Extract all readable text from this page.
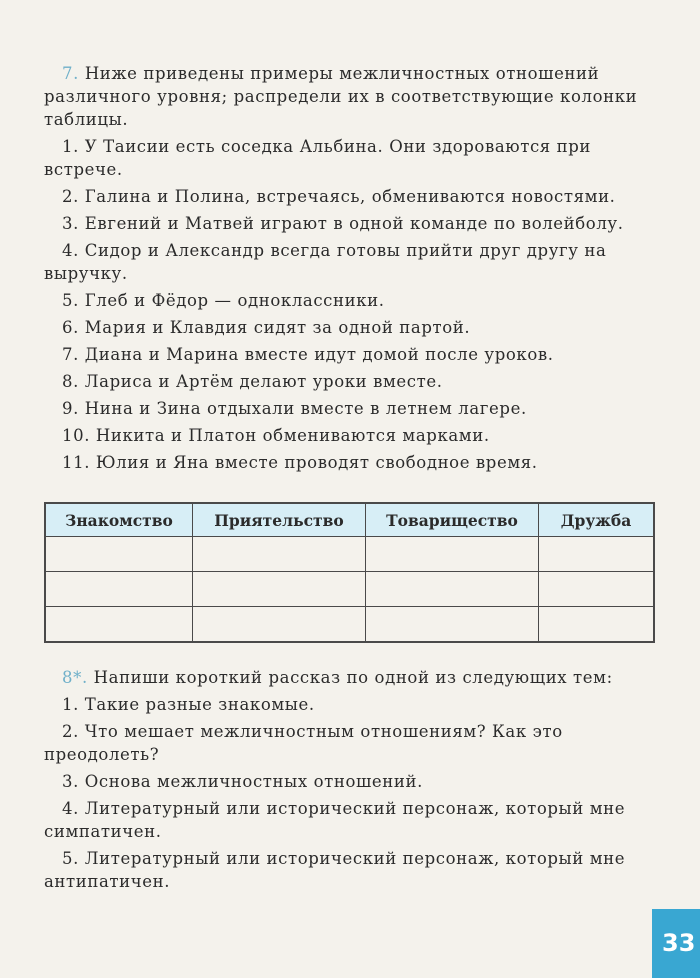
7. Ниже приведены примеры межличностных отношений различного уровня; распредели их в соответствующие колонки таблицы.

1. У Таисии есть соседка Альбина. Они здороваются при встрече.

2. Галина и Полина, встречаясь, обмениваются новостями.

3. Евгений и Матвей играют в одной команде по волейболу.

4. Сидор и Александр всегда готовы прийти друг другу на выручку.

5. Глеб и Фёдор — одноклассники.

6. Мария и Клавдия сидят за одной партой.

7. Диана и Марина вместе идут домой после уроков.

8. Лариса и Артём делают уроки вместе.

9. Нина и Зина отдыхали вместе в летнем лагере.

10. Никита и Платон обмениваются марками.

11. Юлия и Яна вместе проводят свободное время.

Знакомство	Приятельство	Товарищество	Дружба

8*. Напиши короткий рассказ по одной из следующих тем:

1. Такие разные знакомые.

2. Что мешает межличностным отношениям? Как это преодолеть?

3. Основа межличностных отношений.

4. Литературный или исторический персонаж, который мне симпатичен.

5. Литературный или исторический персонаж, который мне антипатичен.

33
